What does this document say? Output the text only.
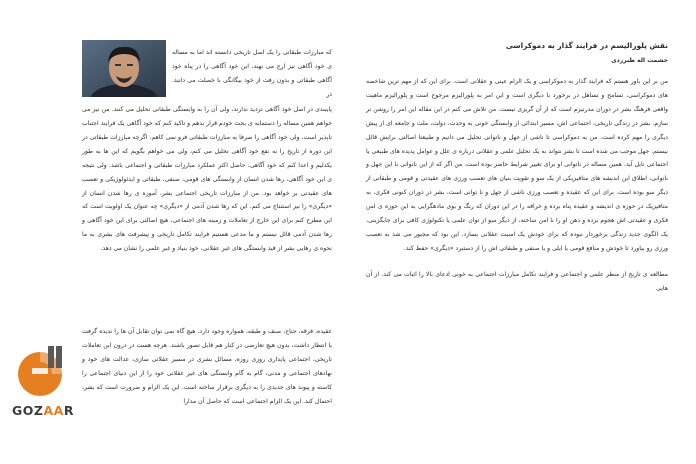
نقش پلورالیسم در فرایند گذار به دموکراسی
حشمت اله طبرزدی

من بر این باور هستم که فرایند گذار به دموکراسی و یک الزام عینی و عقلانی است. برای این که از مهم ترین شاخصه های دموکراسی، تسامح و تساهل در برخورد با دیگری است و این امر به پلورالیزم مرجوح است و پلورالیزم ماهیت واقعی فرهنگ بشر در دوران مدرنیزم است که از آن گریزی نیست. من تلاش می کنم در این مقاله این امر را روشن تر سازم. بشر در زندگی تاریخی، اجتماعی اش، مسیر ابتدائی از وابستگی خونی به وحدت، دولت، ملت و جامعه ای از پیش دیگری را مهم کرده است. من به دموکراسی تا ناشی از جهل و ناتوانی تحلیل می دانیم و طبیعتا اصالتی برایش قائل نیستم. جهل موجب می شده است تا بشر نتواند به یک تحلیل علمی و عقلانی درباره ی علل و عوامل پدیده های طبیعی یا اجتماعی نایل آید. همین مساله در ناتوانی او برای تغییر شرایط حاضر بوده است. من اگر که از این ناتوانی با این جهل و ناتوانی، اطلاق این اندیشه های متافیزیکی از یک سو و تقویت بنیان های تعصب ورزی های عقیدتی و قومی و طبقاتی از دیگر سو بوده است. برای این که عقیده و تعصب ورزی ناشی از جهل و نا توانی است، بشر در دوران کنونی فکری، به متافیزیک در حوزه ی اندیشه و عقیده پناه برده و خرافه را در این دوران که رنگ و بوی مادهگرایی به این حوزه ی امن فکری و عقیدتی اش هجوم برده و ذهن او را نا امن ساخته، از دیگر سو از توان علمی یا تکنولوژی کافی برای جایگزینی، یک الگوی جدید زندگی برخوردار نبوده که برای خودش یک امنیت عقلانی بسازد. این بود که مجبور می شد به تعصب ورزی رو بیاورد تا خودش و منافع قومی یا ایلی و یا صنفی و طبقاتی اش را از دستبرد «دیگری» حفظ کند.

مطالعه ی تاریخ از منظر علمی و اجتماعی و فرایند تکامل مبارزات اجتماعی به خوبی ادعای بالا را اثبات می کند. از آن هایی

که مبارزات طبقاتی را یک اصل تاریخی دانسته اند اما به مساله ی خود آگاهی نیز ارج می نهند، این خود آگاهی را در پناه خود آگاهی طبقاتی و بدون رفت از خود بیگانگی با خصلت می دانند. در

پایبندی در اصل خود آگاهی تردید ندارند، ولی آن را به وابستگی طبقاتی تحلیل می کنند. من نیز می خواهم همین مساله را دستمایه ی بحث خودم قرار بدهم و تاکید کنم که خود آگاهی یک فرایند اجتناب ناپذیر است، ولی خود آگاهی را صرفا به مبارزات طبقاتی فرو نمی کاهم. اگرچه مبارزات طبقاتی در این دوره از تاریخ را به نفع خود آگاهی تحلیل می کنم، ولی می خواهم بگویم که این ها به طور یکدلیم و اعدا کنم که خود آگاهی، حاصل اکثر عملکرد مبارزات طبقاتی و اجتماعی باشد. ولی نتیجه ی این خود آگاهی، رها شدن انسان از وابستگی های قومی، صنفی، طبقاتی و ایدئولوژیکی و تعصب های عقیدتی بر خواهد بود. من از مبارزات تاریخی اجتماعی بشر، آموزه ی رها شدن انسان از «دیگری» را نیز استنتاج می کنم. این که رها شدن آدمی از «دیگری» چه عنوان یک اولویت است که این مطرح کنم برای این خارج از تعاملات و زمینه های اجتماعی، هیچ اصالتی برای این خود آگاهی و رها شدن آدمی قائل نیستم و ما مدعی هستیم فرایند تکامل تاریخی و پیشرفت های بشری به ما نحوه ی رهایی بشر از قید وابستگی های غیر عقلانی، خود بنیاد و غیر علمی را نشان می دهد.

عقیده، فرقه، جناح، صنف و طبقه، همواره وجود دارد. هیچ گاه نمی توان تقابل آن ها را ندیده گرفت یا انتظار داشت، بدون هیچ تعارضی در کنار هم قابل تصور باشند. هرچه هست در درون این تعاملات تاریخی، اجتماعی پایداری روزی روزه، مسائل بشری در مسیر عقلانی سازی، عدالت های خود و نهادهای اجتماعی و مدنی، گام به گام وابستگی های غیر عقلانی خود را از این دنیای اجتماعی را کاسته و پیوند های جدیدی را به دیگری برقرار ساخته است. این یک الزام و ضرورت است که بشر، احتمال کند. این یک الزام اجتماعی است که حاصل آن مدارا

GOZAAR
